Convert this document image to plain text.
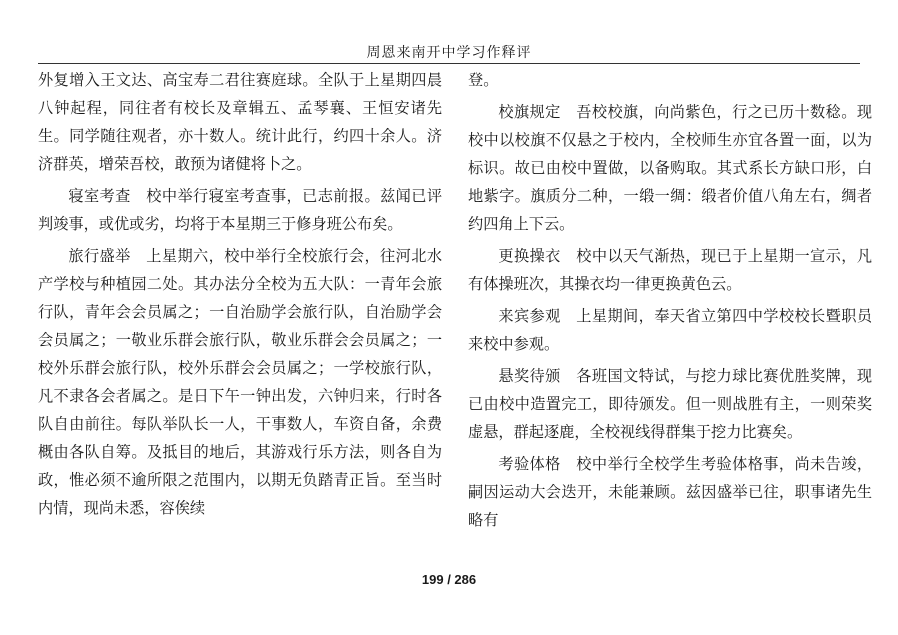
周恩来南开中学习作释评

外复增入王文达、高宝寿二君往赛庭球。全队于上星期四晨八钟起程，同往者有校长及章辑五、孟琴襄、王恒安诸先生。同学随往观者，亦十数人。统计此行，约四十余人。济济群英，增荣吾校，敢预为诸健将卜之。

寝室考查　校中举行寝室考查事，已志前报。兹闻已评判竣事，或优或劣，均将于本星期三于修身班公布矣。

旅行盛举　上星期六，校中举行全校旅行会，往河北水产学校与种植园二处。其办法分全校为五大队：一青年会旅行队，青年会会员属之；一自治励学会旅行队，自治励学会会员属之；一敬业乐群会旅行队，敬业乐群会会员属之；一校外乐群会旅行队，校外乐群会会员属之；一学校旅行队，凡不隶各会者属之。是日下午一钟出发，六钟归来，行时各队自由前往。每队举队长一人，干事数人，车资自备，余费概由各队自筹。及抵目的地后，其游戏行乐方法，则各自为政，惟必须不逾所限之范围内，以期无负踏青正旨。至当时内情，现尚未悉，容俟续

登。

校旗规定　吾校校旗，向尚紫色，行之已历十数稔。现校中以校旗不仅悬之于校内，全校师生亦宜各置一面，以为标识。故已由校中置做，以备购取。其式系长方缺口形，白地紫字。旗质分二种，一缎一绸：缎者价值八角左右，绸者约四角上下云。

更换操衣　校中以天气渐热，现已于上星期一宣示，凡有体操班次，其操衣均一律更换黄色云。

来宾参观　上星期间，奉天省立第四中学校校长暨职员来校中参观。

悬奖待颁　各班国文特试，与挖力球比赛优胜奖牌，现已由校中造置完工，即待颁发。但一则战胜有主，一则荣奖虚悬，群起逐鹿，全校视线得群集于挖力比赛矣。

考验体格　校中举行全校学生考验体格事，尚未告竣，嗣因运动大会迭开，未能兼顾。兹因盛举已往，职事诸先生略有

199 / 286
